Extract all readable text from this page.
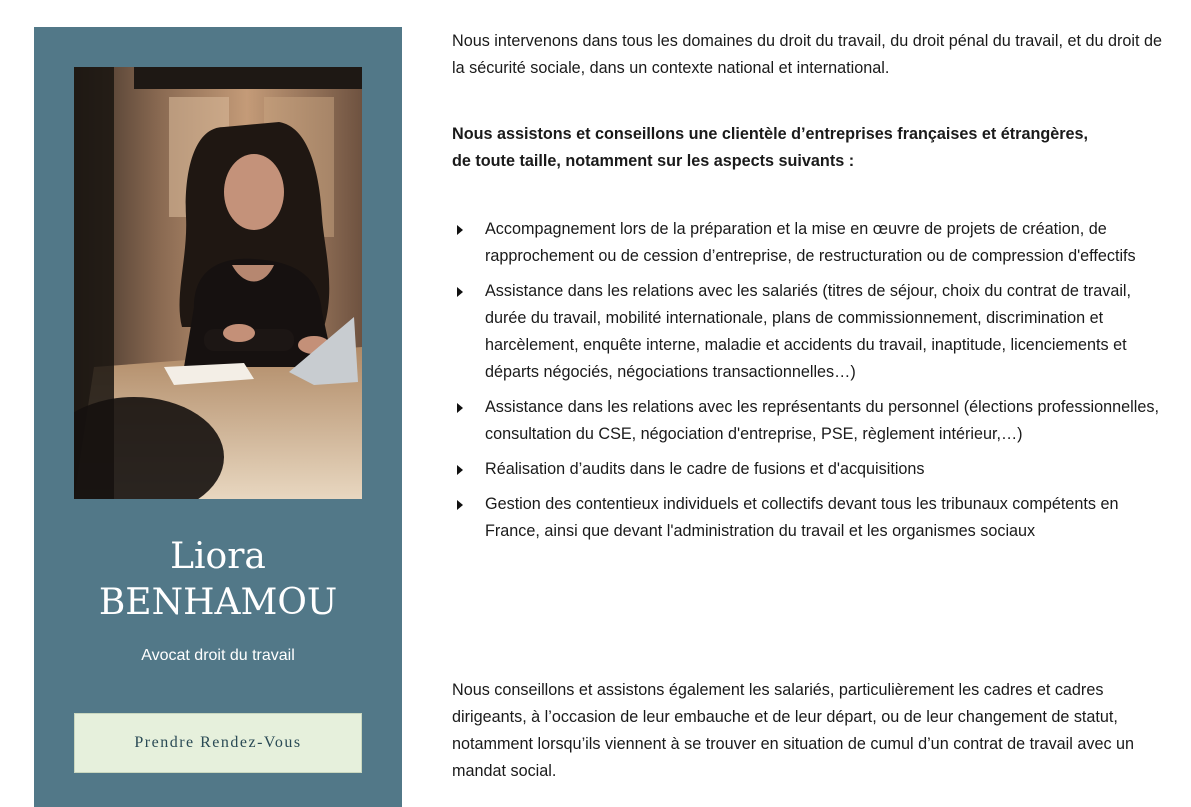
Liora
BENHAMOU
Avocat droit du travail
Prendre Rendez-Vous

Nous intervenons dans tous les domaines du droit du travail, du droit pénal du travail, et du droit de la sécurité sociale, dans un contexte national et international.

Nous assistons et conseillons une clientèle d’entreprises françaises et étrangères, de toute taille, notamment sur les aspects suivants :

Accompagnement lors de la préparation et la mise en œuvre de projets de création, de rapprochement ou de cession d’entreprise, de restructuration ou de compression d'effectifs
Assistance dans les relations avec les salariés (titres de séjour, choix du contrat de travail, durée du travail, mobilité internationale, plans de commissionnement, discrimination et harcèlement, enquête interne, maladie et accidents du travail, inaptitude, licenciements et départs négociés, négociations transactionnelles…)
Assistance dans les relations avec les représentants du personnel (élections professionnelles, consultation du CSE, négociation d'entreprise, PSE, règlement intérieur,…)
Réalisation d’audits dans le cadre de fusions et d'acquisitions
Gestion des contentieux individuels et collectifs devant tous les tribunaux compétents en France, ainsi que devant l'administration du travail et les organismes sociaux

Nous conseillons et assistons également les salariés, particulièrement les cadres et cadres dirigeants, à l’occasion de leur embauche et de leur départ, ou de leur changement de statut, notamment lorsqu’ils viennent à se trouver en situation de cumul d’un contrat de travail avec un mandat social.
